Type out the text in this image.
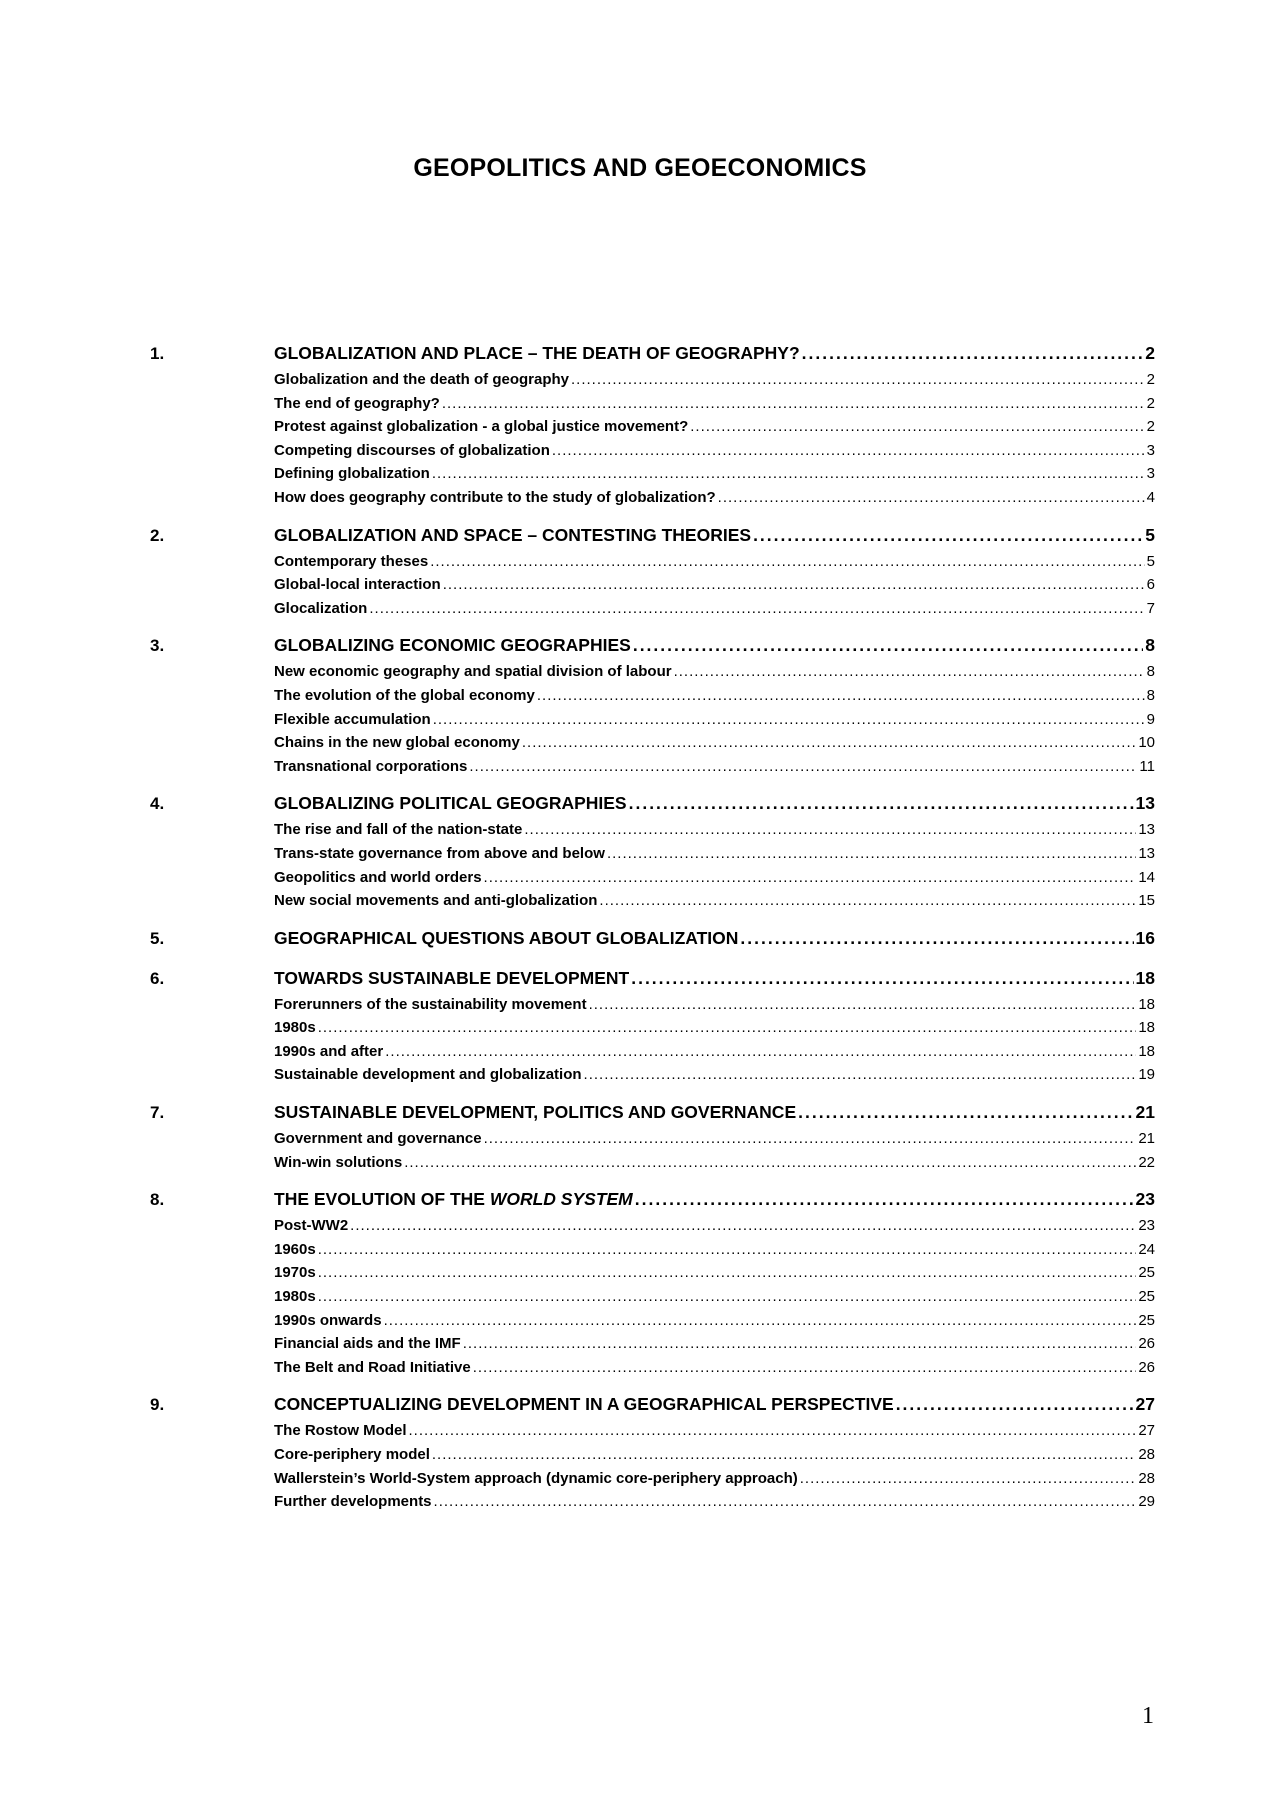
GEOPOLITICS AND GEOECONOMICS
1.	GLOBALIZATION AND PLACE – THE DEATH OF GEOGRAPHY? .....	2
Globalization and the death of geography .....	2
The end of geography? .....	2
Protest against globalization - a global justice movement? .....	2
Competing discourses of globalization .....	3
Defining globalization .....	3
How does geography contribute to the study of globalization? .....	4
2.	GLOBALIZATION AND SPACE – CONTESTING THEORIES .....	5
Contemporary theses .....	5
Global-local interaction .....	6
Glocalization .....	7
3.	GLOBALIZING ECONOMIC GEOGRAPHIES .....	8
New economic geography and spatial division of labour .....	8
The evolution of the global economy .....	8
Flexible accumulation .....	9
Chains in the new global economy .....	10
Transnational corporations .....	11
4.	GLOBALIZING POLITICAL GEOGRAPHIES .....	13
The rise and fall of the nation-state .....	13
Trans-state governance from above and below .....	13
Geopolitics and world orders .....	14
New social movements and anti-globalization .....	15
5.	GEOGRAPHICAL QUESTIONS ABOUT GLOBALIZATION .....	16
6.	TOWARDS SUSTAINABLE DEVELOPMENT .....	18
Forerunners of the sustainability movement .....	18
1980s .....	18
1990s and after .....	18
Sustainable development and globalization .....	19
7.	SUSTAINABLE DEVELOPMENT, POLITICS AND GOVERNANCE .....	21
Government and governance .....	21
Win-win solutions .....	22
8.	THE EVOLUTION OF THE WORLD SYSTEM .....	23
Post-WW2 .....	23
1960s .....	24
1970s .....	25
1980s .....	25
1990s onwards .....	25
Financial aids and the IMF .....	26
The Belt and Road Initiative .....	26
9.	CONCEPTUALIZING DEVELOPMENT IN A GEOGRAPHICAL PERSPECTIVE .....	27
The Rostow Model .....	27
Core-periphery model .....	28
Wallerstein’s World-System approach (dynamic core-periphery approach) .....	28
Further developments .....	29
1
